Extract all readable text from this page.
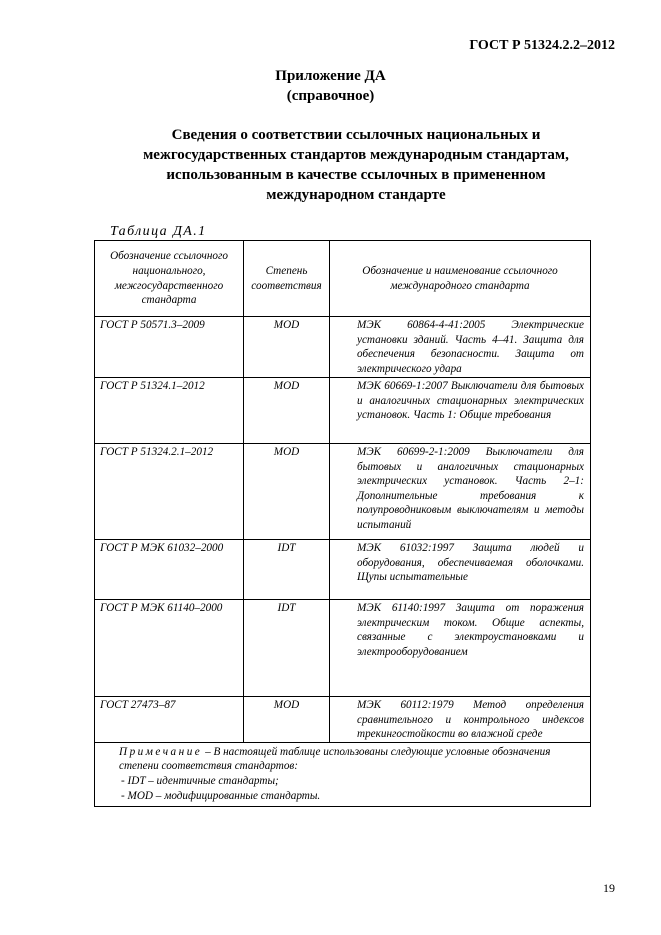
ГОСТ Р 51324.2.2–2012
Приложение ДА
(справочное)
Сведения о соответствии ссылочных национальных и
межгосударственных стандартов международным стандартам,
использованным в качестве ссылочных в примененном
международном стандарте
Таблица ДА.1
Обозначение ссылочного национального, межгосударственного стандарта	Степень соответствия	Обозначение и наименование ссылочного международного стандарта
ГОСТ Р 50571.3–2009	MOD	МЭК 60864-4-41:2005 Электрические установки зданий. Часть 4–41. Защита для обеспечения безопасности. Защита от электрического удара

ГОСТ Р 51324.1–2012	MOD	МЭК 60669-1:2007 Выключатели для бытовых и аналогичных стационарных электрических установок. Часть 1: Общие требования

ГОСТ Р 51324.2.1–2012	MOD	МЭК 60699-2-1:2009 Выключатели для бытовых и аналогичных стационарных электрических установок. Часть 2–1: Дополнительные требования к полупроводниковым выключателям и методы испытаний

ГОСТ Р МЭК 61032–2000	IDT	МЭК 61032:1997 Защита людей и оборудования, обеспечиваемая оболочками. Щупы испытательные

ГОСТ Р МЭК 61140–2000	IDT	МЭК 61140:1997 Защита от поражения электрическим током. Общие аспекты, связанные с электроустановками и электрооборудованием

ГОСТ 27473–87	MOD	МЭК 60112:1979 Метод определения сравнительного и контрольного индексов трекингостойкости во влажной среде

Примечание – В настоящей таблице использованы следующие условные обозначения степени соответствия стандартов:
- IDT – идентичные стандарты;
- MOD – модифицированные стандарты.		
19
